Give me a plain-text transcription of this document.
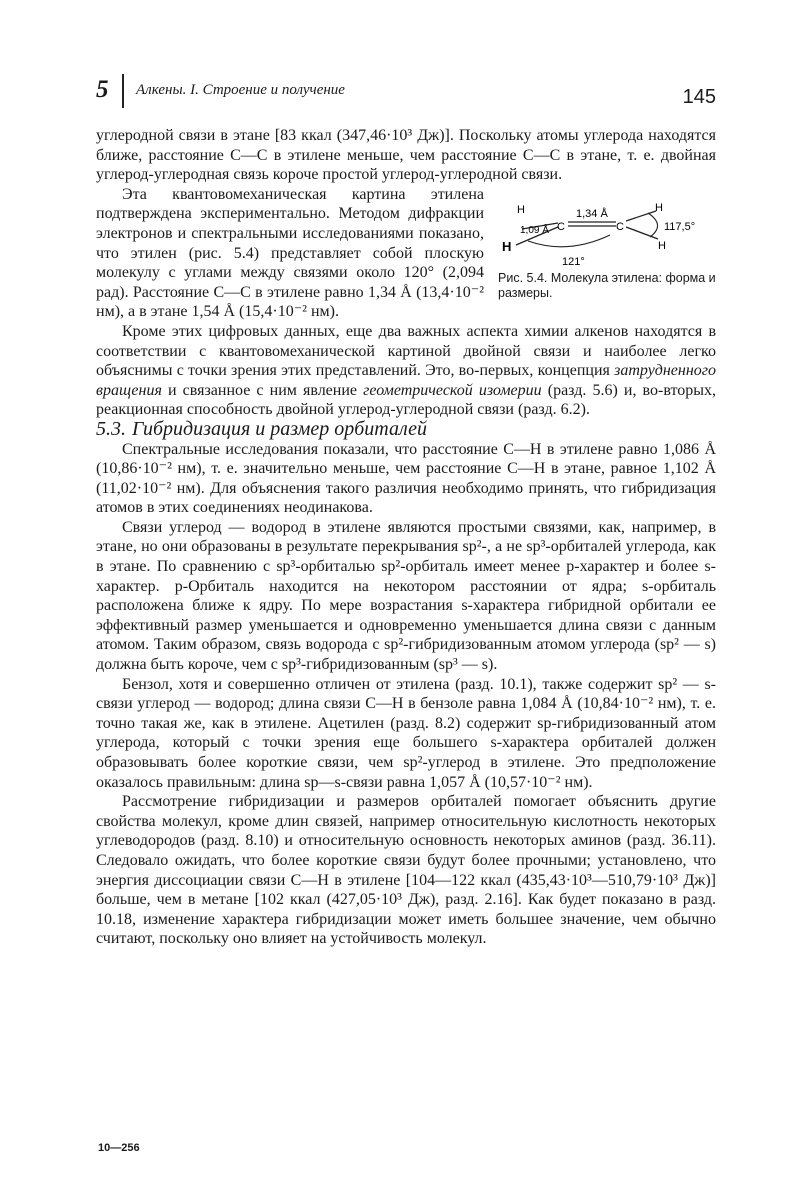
5 Алкены. I. Строение и получение	145

углеродной связи в этане [83 ккал (347,46·10³ Дж)]. Поскольку атомы углерода находятся ближе, расстояние С—С в этилене меньше, чем расстояние С—С в этане, т. е. двойная углерод-углеродная связь короче простой углерод-углеродной связи.

H
H
C	C
H
H
1,34 Å
1,09 Å	117,5°
121°
Рис. 5.4. Молекула этилена: форма и размеры.

Эта квантовомеханическая картина этилена подтверждена экспериментально. Методом дифракции электронов и спектральными исследованиями показано, что этилен (рис. 5.4) представляет собой плоскую молекулу с углами между связями около 120° (2,094 рад). Расстояние С—С в этилене равно 1,34 Å (13,4·10⁻² нм), а в этане 1,54 Å (15,4·10⁻² нм).

Кроме этих цифровых данных, еще два важных аспекта химии алкенов находятся в соответствии с квантовомеханической картиной двойной связи и наиболее легко объяснимы с точки зрения этих представлений. Это, во-первых, концепция затрудненного вращения и связанное с ним явление геометрической изомерии (разд. 5.6) и, во-вторых, реакционная способность двойной углерод-углеродной связи (разд. 6.2).

5.3. Гибридизация и размер орбиталей

Спектральные исследования показали, что расстояние С—Н в этилене равно 1,086 Å (10,86·10⁻² нм), т. е. значительно меньше, чем расстояние С—Н в этане, равное 1,102 Å (11,02·10⁻² нм). Для объяснения такого различия необходимо принять, что гибридизация атомов в этих соединениях неодинакова.

Связи углерод — водород в этилене являются простыми связями, как, например, в этане, но они образованы в результате перекрывания sp²-, а не sp³-орбиталей углерода, как в этане. По сравнению с sp³-орбиталью sp²-орбиталь имеет менее p-характер и более s-характер. p-Орбиталь находится на некотором расстоянии от ядра; s-орбиталь расположена ближе к ядру. По мере возрастания s-характера гибридной орбитали ее эффективный размер уменьшается и одновременно уменьшается длина связи с данным атомом. Таким образом, связь водорода с sp²-гибридизованным атомом углерода (sp² — s) должна быть короче, чем с sp³-гибридизованным (sp³ — s).

Бензол, хотя и совершенно отличен от этилена (разд. 10.1), также содержит sp² — s-связи углерод — водород; длина связи С—Н в бензоле равна 1,084 Å (10,84·10⁻² нм), т. е. точно такая же, как в этилене. Ацетилен (разд. 8.2) содержит sp-гибридизованный атом углерода, который с точки зрения еще большего s-характера орбиталей должен образовывать более короткие связи, чем sp²-углерод в этилене. Это предположение оказалось правильным: длина sp—s-связи равна 1,057 Å (10,57·10⁻² нм).

Рассмотрение гибридизации и размеров орбиталей помогает объяснить другие свойства молекул, кроме длин связей, например относительную кислотность некоторых углеводородов (разд. 8.10) и относительную основность некоторых аминов (разд. 36.11). Следовало ожидать, что более короткие связи будут более прочными; установлено, что энергия диссоциации связи С—Н в этилене [104—122 ккал (435,43·10³—510,79·10³ Дж)] больше, чем в метане [102 ккал (427,05·10³ Дж), разд. 2.16]. Как будет показано в разд. 10.18, изменение характера гибридизации может иметь большее значение, чем обычно считают, поскольку оно влияет на устойчивость молекул.

10—256
